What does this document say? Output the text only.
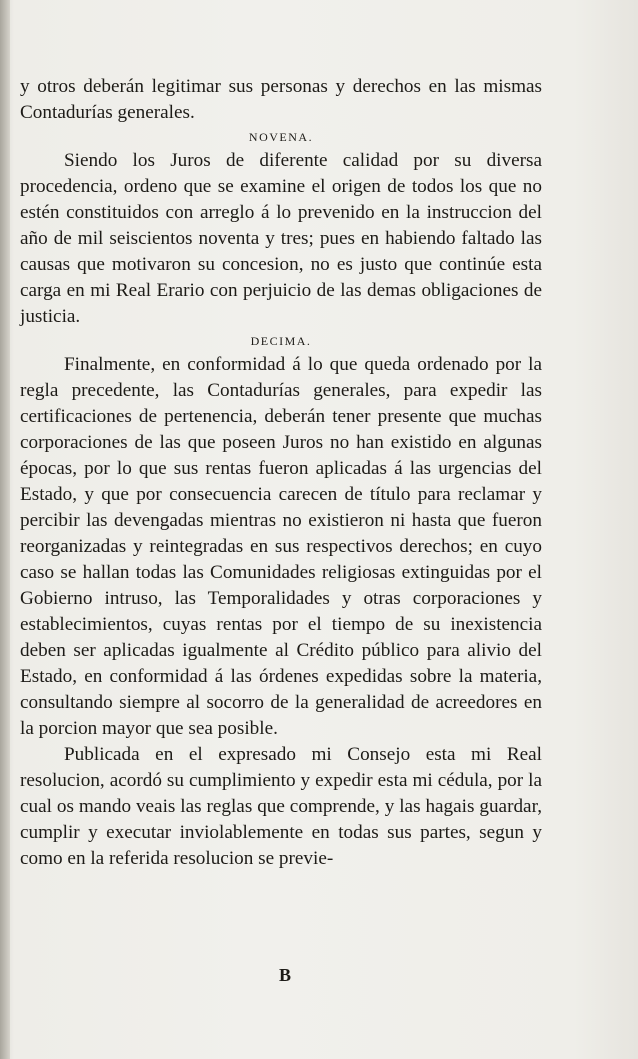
y otros deberán legitimar sus personas y derechos en las mismas Contadurías generales.

NOVENA.

Siendo los Juros de diferente calidad por su diversa procedencia, ordeno que se examine el origen de todos los que no estén constituidos con arreglo á lo prevenido en la instruccion del año de mil seiscientos noventa y tres; pues en habiendo faltado las causas que motivaron su concesion, no es justo que continúe esta carga en mi Real Erario con perjuicio de las demas obligaciones de justicia.

DECIMA.

Finalmente, en conformidad á lo que queda ordenado por la regla precedente, las Contadurías generales, para expedir las certificaciones de pertenencia, deberán tener presente que muchas corporaciones de las que poseen Juros no han existido en algunas épocas, por lo que sus rentas fueron aplicadas á las urgencias del Estado, y que por consecuencia carecen de título para reclamar y percibir las devengadas mientras no existieron ni hasta que fueron reorganizadas y reintegradas en sus respectivos derechos; en cuyo caso se hallan todas las Comunidades religiosas extinguidas por el Gobierno intruso, las Temporalidades y otras corporaciones y establecimientos, cuyas rentas por el tiempo de su inexistencia deben ser aplicadas igualmente al Crédito público para alivio del Estado, en conformidad á las órdenes expedidas sobre la materia, consultando siempre al socorro de la generalidad de acreedores en la porcion mayor que sea posible.

Publicada en el expresado mi Consejo esta mi Real resolucion, acordó su cumplimiento y expedir esta mi cédula, por la cual os mando veais las reglas que comprende, y las hagais guardar, cumplir y executar inviolablemente en todas sus partes, segun y como en la referida resolucion se previe-

B
